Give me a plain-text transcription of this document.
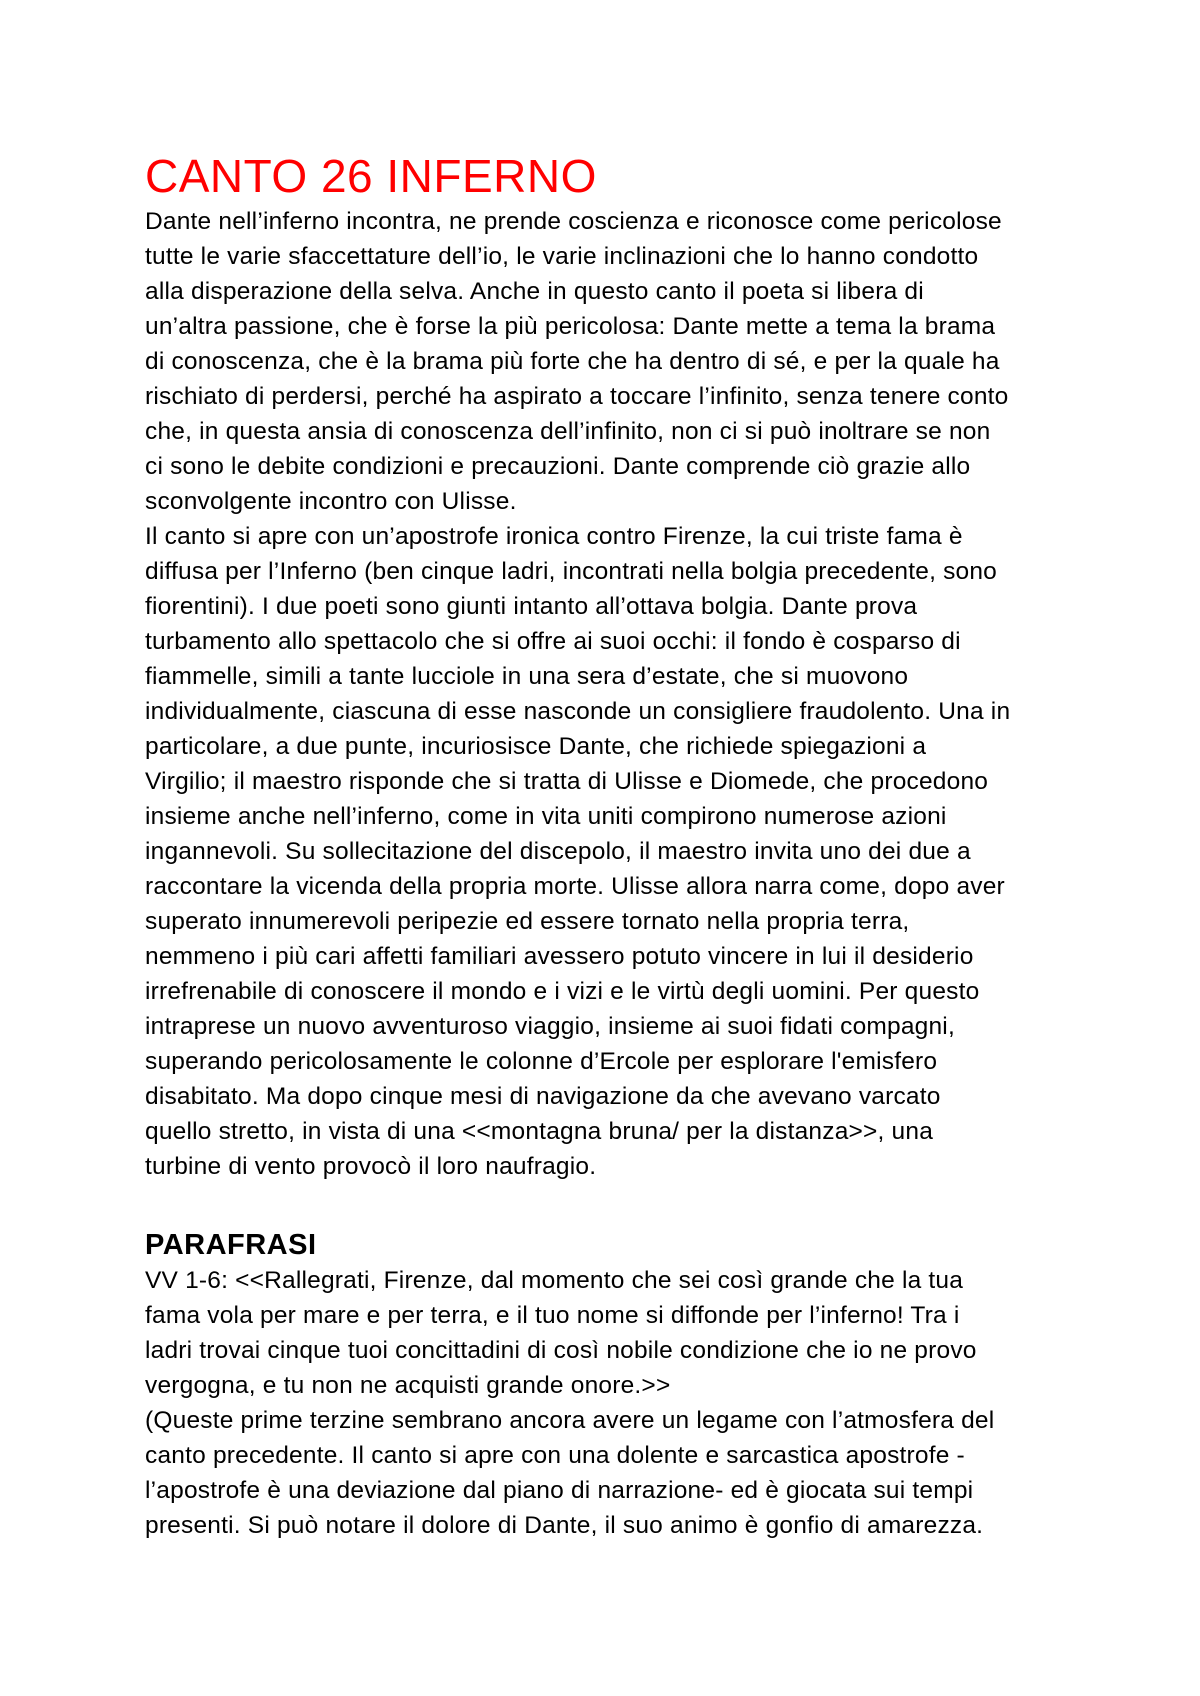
CANTO 26 INFERNO

Dante nell’inferno incontra, ne prende coscienza e riconosce come pericolose
tutte le varie sfaccettature dell’io, le varie inclinazioni che lo hanno condotto
alla disperazione della selva. Anche in questo canto il poeta si libera di
un’altra passione, che è forse la più pericolosa: Dante mette a tema la brama
di conoscenza, che è la brama più forte che ha dentro di sé, e per la quale ha
rischiato di perdersi, perché ha aspirato a toccare l’infinito, senza tenere conto
che, in questa ansia di conoscenza dell’infinito, non ci si può inoltrare se non
ci sono le debite condizioni e precauzioni. Dante comprende ciò grazie allo
sconvolgente incontro con Ulisse.

Il canto si apre con un’apostrofe ironica contro Firenze, la cui triste fama è
diffusa per l’Inferno (ben cinque ladri, incontrati nella bolgia precedente, sono
fiorentini). I due poeti sono giunti intanto all’ottava bolgia. Dante prova
turbamento allo spettacolo che si offre ai suoi occhi: il fondo è cosparso di
fiammelle, simili a tante lucciole in una sera d’estate, che si muovono
individualmente, ciascuna di esse nasconde un consigliere fraudolento. Una in
particolare, a due punte, incuriosisce Dante, che richiede spiegazioni a
Virgilio; il maestro risponde che si tratta di Ulisse e Diomede, che procedono
insieme anche nell’inferno, come in vita uniti compirono numerose azioni
ingannevoli. Su sollecitazione del discepolo, il maestro invita uno dei due a
raccontare la vicenda della propria morte. Ulisse allora narra come, dopo aver
superato innumerevoli peripezie ed essere tornato nella propria terra,
nemmeno i più cari affetti familiari avessero potuto vincere in lui il desiderio
irrefrenabile di conoscere il mondo e i vizi e le virtù degli uomini. Per questo
intraprese un nuovo avventuroso viaggio, insieme ai suoi fidati compagni,
superando pericolosamente le colonne d’Ercole per esplorare l'emisfero
disabitato. Ma dopo cinque mesi di navigazione da che avevano varcato
quello stretto, in vista di una <<montagna bruna/ per la distanza>>, una
turbine di vento provocò il loro naufragio.

PARAFRASI

VV 1-6: <<Rallegrati, Firenze, dal momento che sei così grande che la tua
fama vola per mare e per terra, e il tuo nome si diffonde per l’inferno! Tra i
ladri trovai cinque tuoi concittadini di così nobile condizione che io ne provo
vergogna, e tu non ne acquisti grande onore.>>

(Queste prime terzine sembrano ancora avere un legame con l’atmosfera del
canto precedente. Il canto si apre con una dolente e sarcastica apostrofe -
l’apostrofe è una deviazione dal piano di narrazione- ed è giocata sui tempi
presenti. Si può notare il dolore di Dante, il suo animo è gonfio di amarezza.
